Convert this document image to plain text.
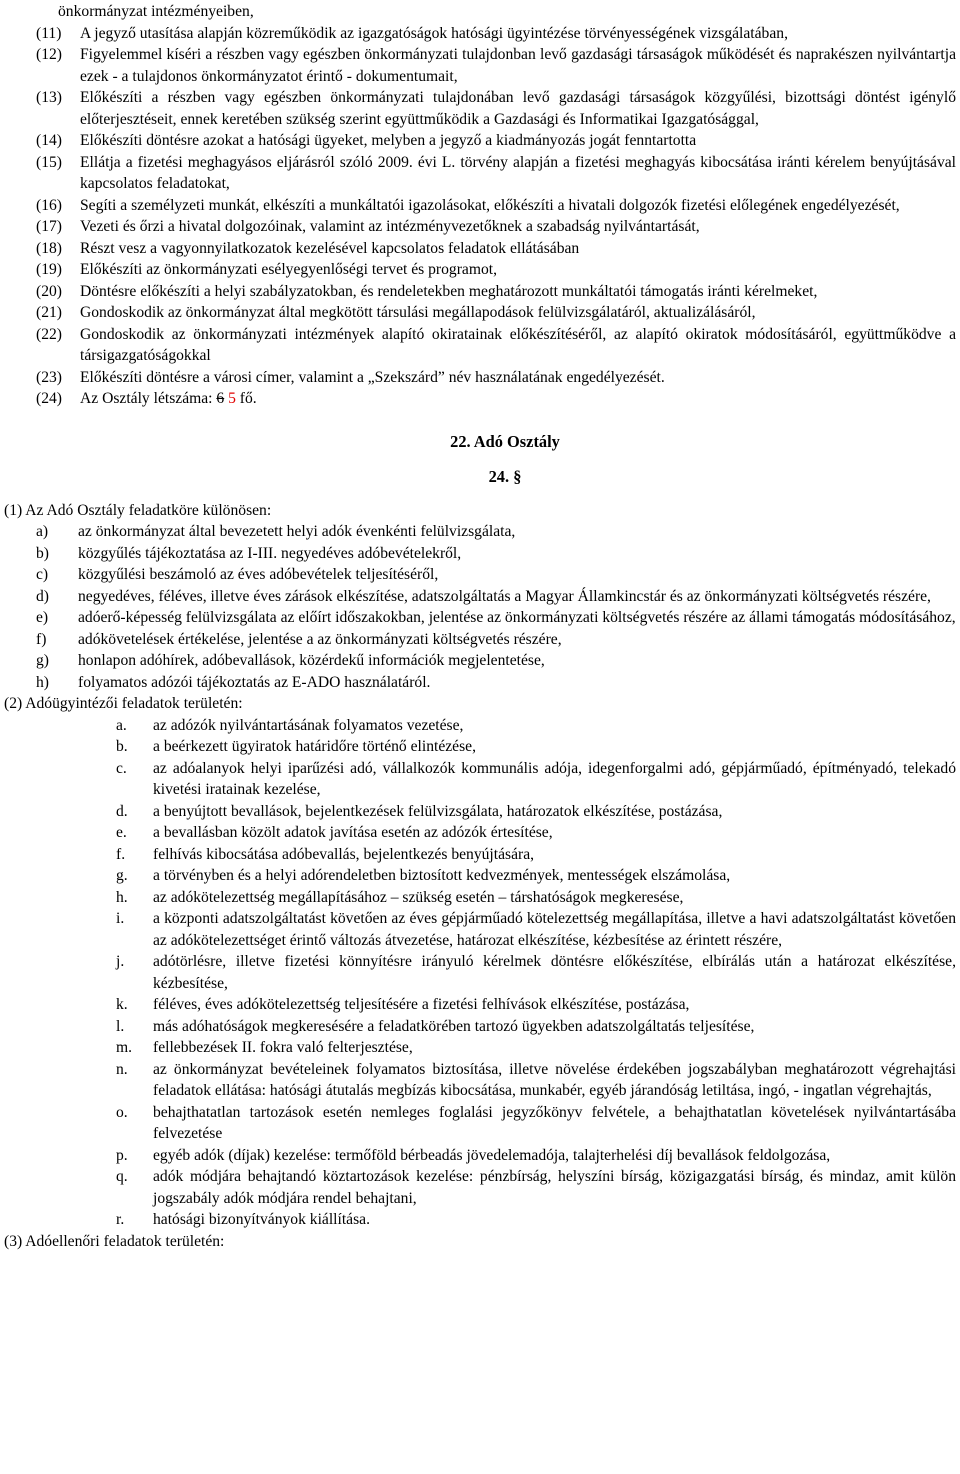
önkormányzat intézményeiben,
(11)	A jegyző utasítása alapján közreműködik az igazgatóságok hatósági ügyintézése törvényességének vizsgálatában,
(12)	Figyelemmel kíséri a részben vagy egészben önkormányzati tulajdonban levő gazdasági társaságok működését és naprakészen nyilvántartja ezek - a tulajdonos önkormányzatot érintő - dokumentumait,
(13)	Előkészíti a részben vagy egészben önkormányzati tulajdonában levő gazdasági társaságok közgyűlési, bizottsági döntést igénylő előterjesztéseit, ennek keretében szükség szerint együttműködik a Gazdasági és Informatikai Igazgatósággal,
(14)	Előkészíti döntésre azokat a hatósági ügyeket, melyben a jegyző a kiadmányozás jogát fenntartotta
(15)	Ellátja a fizetési meghagyásos eljárásról szóló 2009. évi L. törvény alapján a fizetési meghagyás kibocsátása iránti kérelem benyújtásával kapcsolatos feladatokat,
(16)	Segíti a személyzeti munkát, elkészíti a munkáltatói igazolásokat, előkészíti a hivatali dolgozók fizetési előlegének engedélyezését,
(17)	Vezeti és őrzi a hivatal dolgozóinak, valamint az intézményvezetőknek a szabadság nyilvántartását,
(18)	Részt vesz a vagyonnyilatkozatok kezelésével kapcsolatos feladatok ellátásában
(19)	Előkészíti az önkormányzati esélyegyenlőségi tervet és programot,
(20)	Döntésre előkészíti a helyi szabályzatokban, és rendeletekben meghatározott munkáltatói támogatás iránti kérelmeket,
(21)	Gondoskodik az önkormányzat által megkötött társulási megállapodások felülvizsgálatáról, aktualizálásáról,
(22)	Gondoskodik az önkormányzati intézmények alapító okiratainak előkészítéséről, az alapító okiratok módosításáról, együttműködve a társigazgatóságokkal
(23)	Előkészíti döntésre a városi címer, valamint a „Szekszárd” név használatának engedélyezését.
(24)	Az Osztály létszáma: 6 5 fő.
22. Adó Osztály
24. §
(1) Az Adó Osztály feladatköre különösen:
a)	az önkormányzat által bevezetett helyi adók évenkénti felülvizsgálata,
b)	közgyűlés tájékoztatása az I-III. negyedéves adóbevételekről,
c)	közgyűlési beszámoló az éves adóbevételek teljesítéséről,
d)	negyedéves, féléves, illetve éves zárások elkészítése, adatszolgáltatás a Magyar Államkincstár és az önkormányzati költségvetés részére,
e)	adóerő-képesség felülvizsgálata az előírt időszakokban, jelentése az önkormányzati költségvetés részére az állami támogatás módosításához,
f)	adókövetelések értékelése, jelentése a az önkormányzati költségvetés részére,
g)	honlapon adóhírek, adóbevallások, közérdekű információk megjelentetése,
h)	folyamatos adózói tájékoztatás az E-ADO használatáról.
(2) Adóügyintézői feladatok területén:
a.	az adózók nyilvántartásának folyamatos vezetése,
b.	a beérkezett ügyiratok határidőre történő elintézése,
c.	az adóalanyok helyi iparűzési adó, vállalkozók kommunális adója, idegenforgalmi adó, gépjárműadó, építményadó, telekadó kivetési iratainak kezelése,
d.	a benyújtott bevallások, bejelentkezések felülvizsgálata, határozatok elkészítése, postázása,
e.	a bevallásban közölt adatok javítása esetén az adózók értesítése,
f.	felhívás kibocsátása adóbevallás, bejelentkezés benyújtására,
g.	a törvényben és a helyi adórendeletben biztosított kedvezmények, mentességek elszámolása,
h.	az adókötelezettség megállapításához – szükség esetén – társhatóságok megkeresése,
i.	a központi adatszolgáltatást követően az éves gépjárműadó kötelezettség megállapítása, illetve a havi adatszolgáltatást követően az adókötelezettséget érintő változás átvezetése, határozat elkészítése, kézbesítése az érintett részére,
j.	adótörlésre, illetve fizetési könnyítésre irányuló kérelmek döntésre előkészítése, elbírálás után a határozat elkészítése, kézbesítése,
k.	féléves, éves adókötelezettség teljesítésére a fizetési felhívások elkészítése, postázása,
l.	más adóhatóságok megkeresésére a feladatkörében tartozó ügyekben adatszolgáltatás teljesítése,
m.	fellebbezések II. fokra való felterjesztése,
n.	az önkormányzat bevételeinek folyamatos biztosítása, illetve növelése érdekében jogszabályban meghatározott végrehajtási feladatok ellátása: hatósági átutalás megbízás kibocsátása, munkabér, egyéb járandóság letiltása, ingó, - ingatlan végrehajtás,
o.	behajthatatlan tartozások esetén nemleges foglalási jegyzőkönyv felvétele, a behajthatatlan követelések nyilvántartásába felvezetése
p.	egyéb adók (díjak) kezelése: termőföld bérbeadás jövedelemadója, talajterhelési díj bevallások feldolgozása,
q.	adók módjára behajtandó köztartozások kezelése: pénzbírság, helyszíni bírság, közigazgatási bírság, és mindaz, amit külön jogszabály adók módjára rendel behajtani,
r.	hatósági bizonyítványok kiállítása.
(3) Adóellenőri feladatok területén:
